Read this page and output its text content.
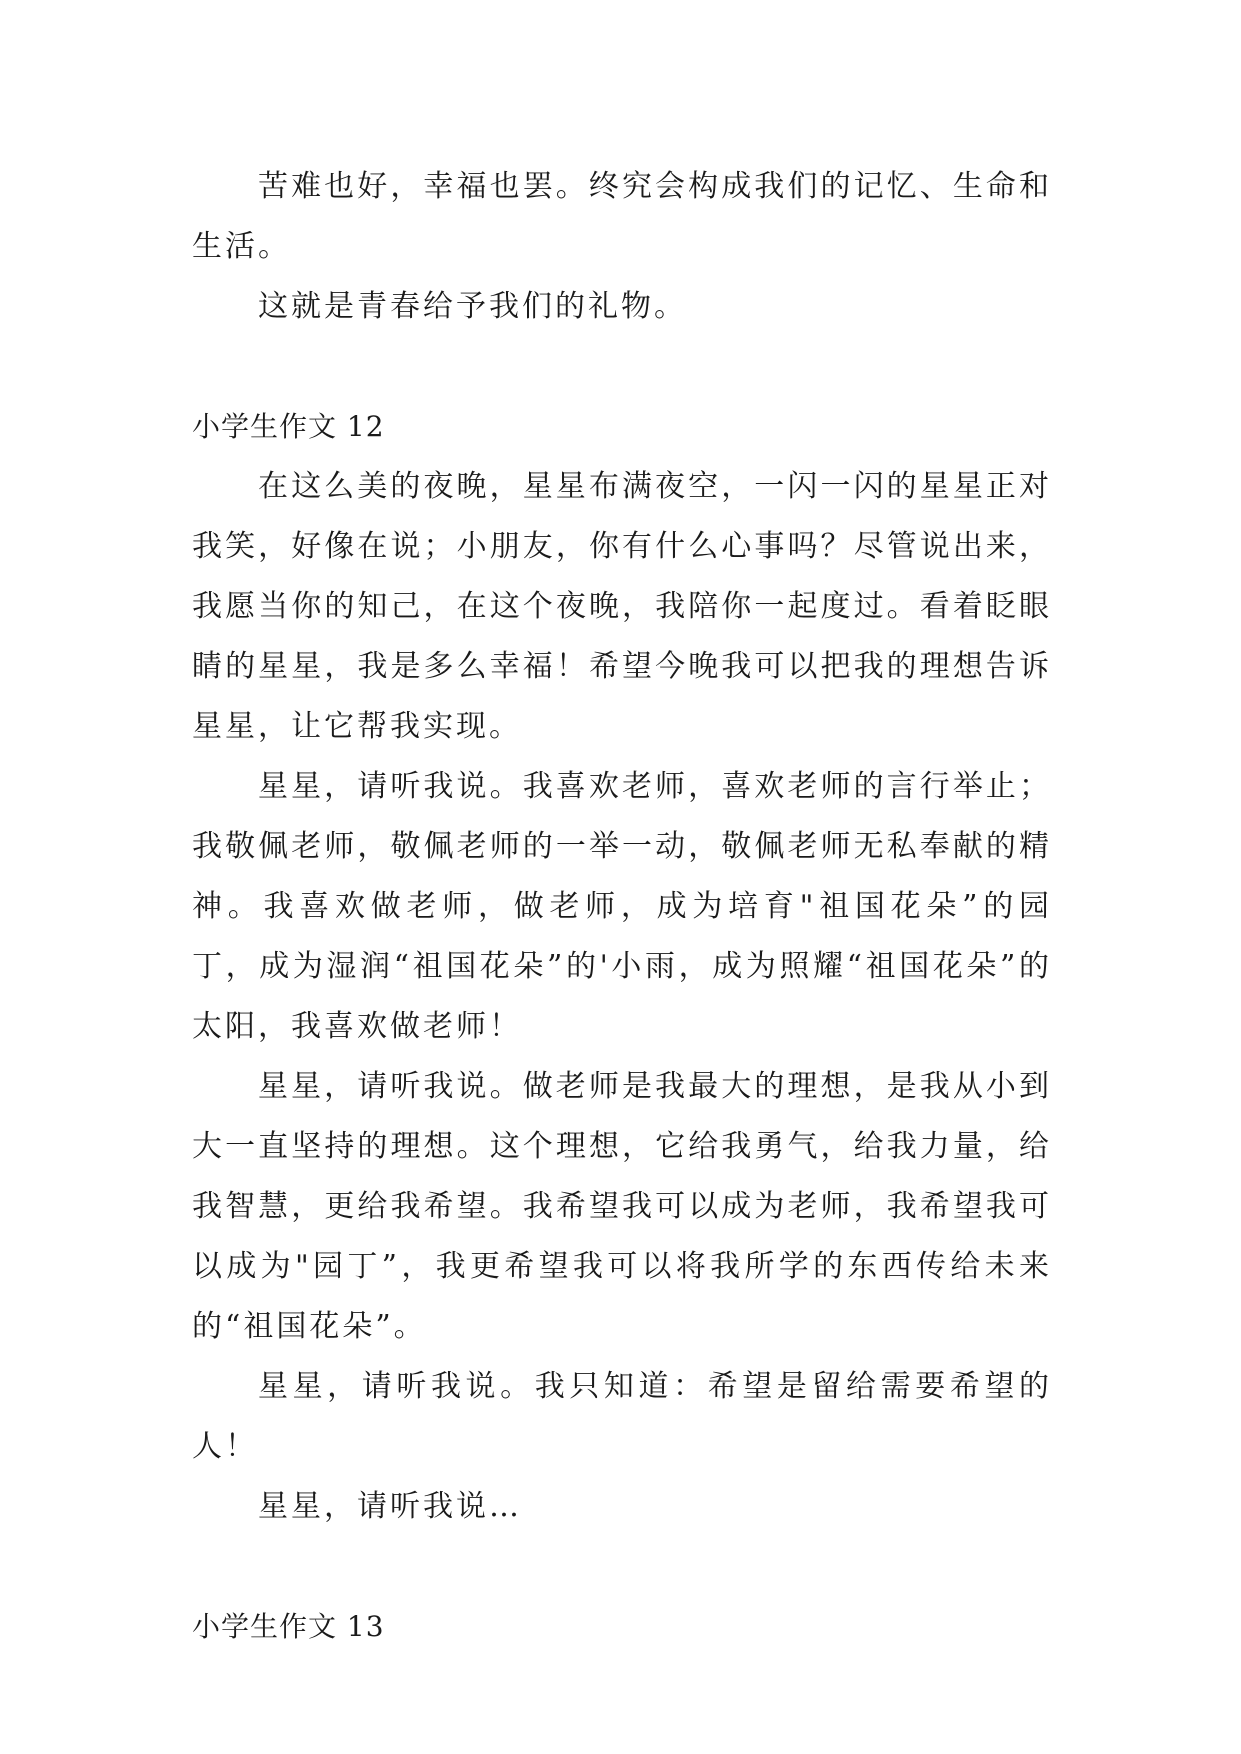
苦难也好，幸福也罢。终究会构成我们的记忆、生命和生活。

这就是青春给予我们的礼物。

小学生作文 12

在这么美的夜晚，星星布满夜空，一闪一闪的星星正对我笑，好像在说；小朋友，你有什么心事吗？尽管说出来，我愿当你的知己，在这个夜晚，我陪你一起度过。看着眨眼睛的星星，我是多么幸福！希望今晚我可以把我的理想告诉星星，让它帮我实现。

星星，请听我说。我喜欢老师，喜欢老师的言行举止；我敬佩老师，敬佩老师的一举一动，敬佩老师无私奉献的精神。我喜欢做老师，做老师，成为培育"祖国花朵”的园丁，成为湿润“祖国花朵”的'小雨，成为照耀“祖国花朵”的太阳，我喜欢做老师！

星星，请听我说。做老师是我最大的理想，是我从小到大一直坚持的理想。这个理想，它给我勇气，给我力量，给我智慧，更给我希望。我希望我可以成为老师，我希望我可以成为"园丁”，我更希望我可以将我所学的东西传给未来的“祖国花朵”。

星星，请听我说。我只知道：希望是留给需要希望的人！

星星，请听我说…

小学生作文 13
